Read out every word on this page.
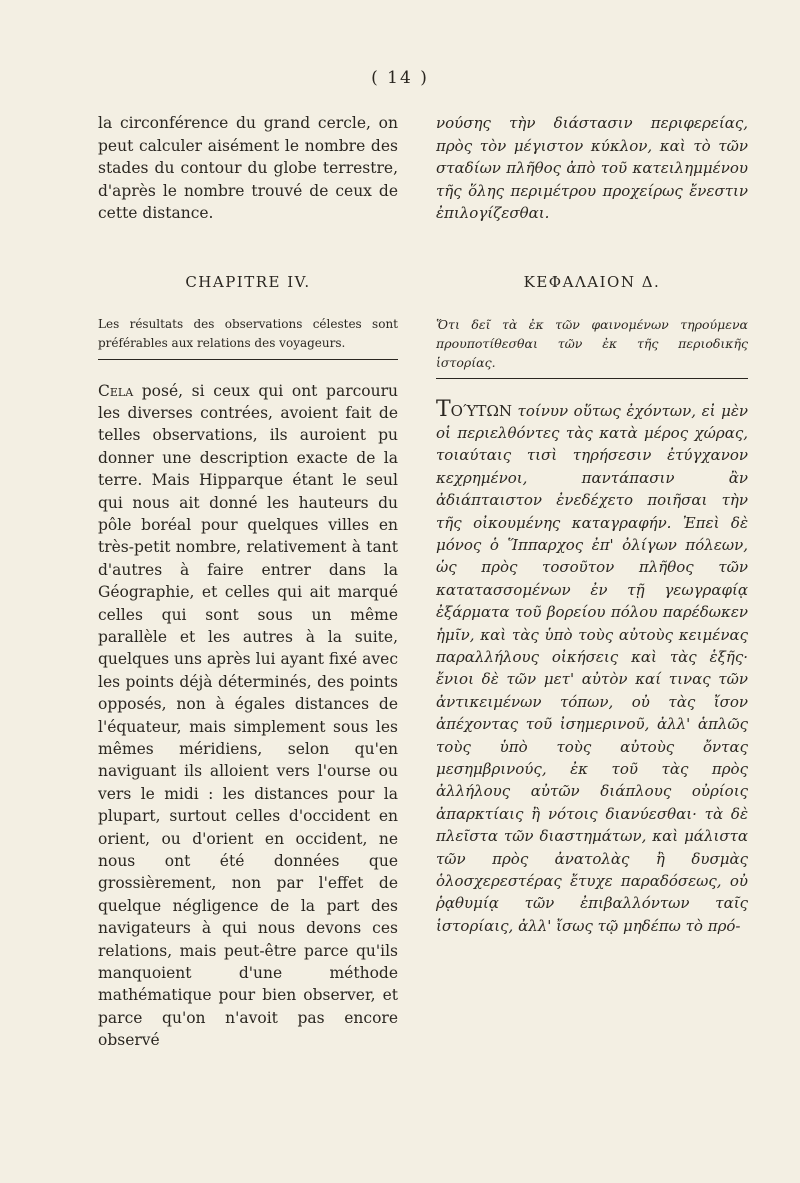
( 14 )

la circonférence du grand cercle, on peut calculer aisément le nombre des stades du contour du globe terrestre, d'après le nombre trouvé de ceux de cette distance.

CHAPITRE IV.

Les résultats des observations célestes sont préférables aux relations des voyageurs.

Cela posé, si ceux qui ont parcouru les diverses contrées, avoient fait de telles observations, ils auroient pu donner une description exacte de la terre. Mais Hipparque étant le seul qui nous ait donné les hauteurs du pôle boréal pour quelques villes en très-petit nombre, relativement à tant d'autres à faire entrer dans la Géographie, et celles qui ait marqué celles qui sont sous un même parallèle et les autres à la suite, quelques uns après lui ayant fixé avec les points déjà déterminés, des points opposés, non à égales distances de l'équateur, mais simplement sous les mêmes méridiens, selon qu'en naviguant ils alloient vers l'ourse ou vers le midi : les distances pour la plupart, surtout celles d'occident en orient, ou d'orient en occident, ne nous ont été données que grossièrement, non par l'effet de quelque négligence de la part des navigateurs à qui nous devons ces relations, mais peut-être parce qu'ils manquoient d'une méthode mathématique pour bien observer, et parce qu'on n'avoit pas encore observé

νούσης τὴν διάστασιν περιφερείας, πρὸς τὸν μέγιστον κύκλον, καὶ τὸ τῶν σταδίων πλῆθος ἀπὸ τοῦ κατειλημμένου τῆς ὅλης περιμέτρου προχείρως ἔνεστιν ἐπιλογίζεσθαι.

ΚΕΦΑΛΑΙΟΝ Δ.

Ὅτι δεῖ τὰ ἐκ τῶν φαινομένων τηρούμενα προυποτίθεσθαι τῶν ἐκ τῆς περιοδικῆς ἱστορίας.

Τούτων τοίνυν οὕτως ἐχόντων, εἰ μὲν οἱ περιελθόντες τὰς κατὰ μέρος χώρας, τοιαύταις τισὶ τηρήσεσιν ἐτύγχανον κεχρημένοι, παντάπασιν ἂν ἀδιάπταιστον ἐνεδέχετο ποιῆσαι τὴν τῆς οἰκουμένης καταγραφήν. Ἐπεὶ δὲ μόνος ὁ Ἵππαρχος ἐπ' ὀλίγων πόλεων, ὡς πρὸς τοσοῦτον πλῆθος τῶν κατατασσομένων ἐν τῇ γεωγραφίᾳ ἐξάρματα τοῦ βορείου πόλου παρέδωκεν ἡμῖν, καὶ τὰς ὑπὸ τοὺς αὐτοὺς κειμένας παραλλήλους οἰκήσεις καὶ τὰς ἑξῆς· ἔνιοι δὲ τῶν μετ' αὐτὸν καί τινας τῶν ἀντικειμένων τόπων, οὐ τὰς ἴσον ἀπέχοντας τοῦ ἰσημερινοῦ, ἀλλ' ἁπλῶς τοὺς ὑπὸ τοὺς αὐτοὺς ὄντας μεσημβρινούς, ἐκ τοῦ τὰς πρὸς ἀλλήλους αὐτῶν διάπλους οὐρίοις ἀπαρκτίαις ἢ νότοις διανύεσθαι· τὰ δὲ πλεῖστα τῶν διαστημάτων, καὶ μάλιστα τῶν πρὸς ἀνατολὰς ἢ δυσμὰς ὁλοσχερεστέρας ἔτυχε παραδόσεως, οὐ ῥᾳθυμίᾳ τῶν ἐπιβαλλόντων ταῖς ἱστορίαις, ἀλλ' ἴσως τῷ μηδέπω τὸ πρό-
